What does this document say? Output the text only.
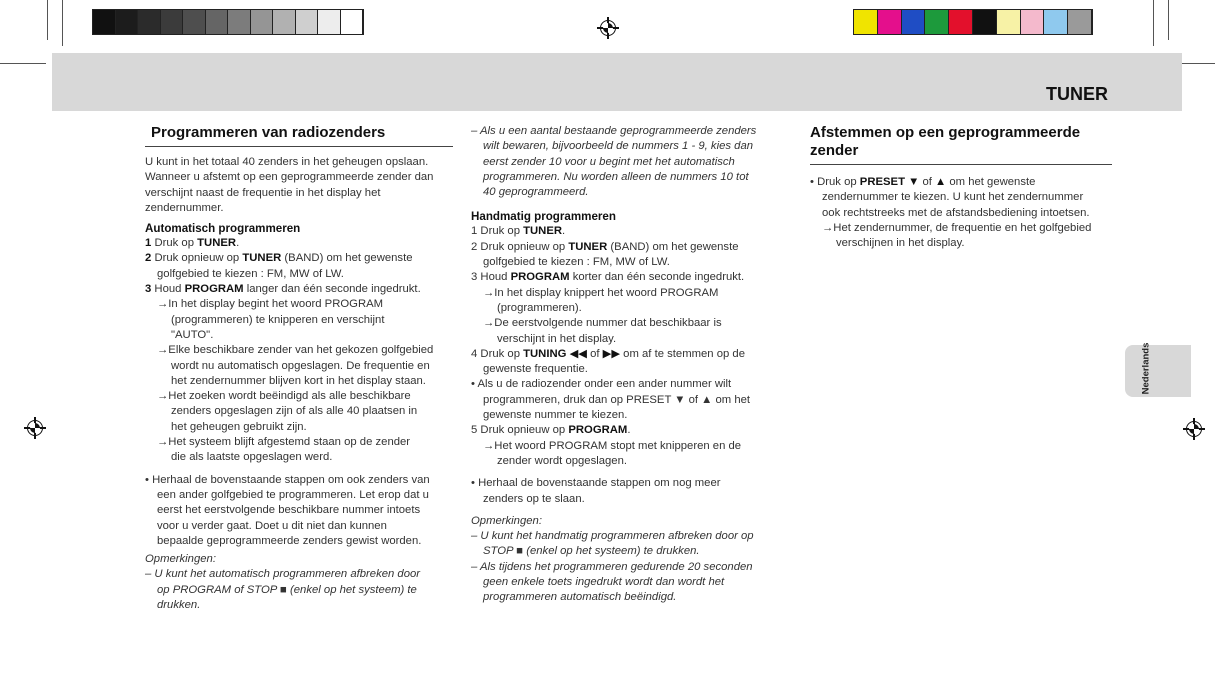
TUNER
Nederlands
Programmeren van radiozenders

U kunt in het totaal 40 zenders in het geheugen opslaan.

Wanneer u afstemt op een geprogrammeerde zender dan

verschijnt naast de frequentie in het display het

zendernummer.

Automatisch programmeren

1 Druk op TUNER.

2 Druk opnieuw op TUNER (BAND) om het gewenste

golfgebied te kiezen : FM, MW of LW.

3 Houd PROGRAM langer dan één seconde ingedrukt.

→In het display begint het woord PROGRAM

(programmeren) te knipperen en verschijnt

"AUTO".

→Elke beschikbare zender van het gekozen golfgebied

wordt nu automatisch opgeslagen. De frequentie en

het zendernummer blijven kort in het display staan.

→Het zoeken wordt beëindigd als alle beschikbare

zenders opgeslagen zijn of als alle 40 plaatsen in

het geheugen gebruikt zijn.

→Het systeem blijft afgestemd staan op de zender

die als laatste opgeslagen werd.

• Herhaal de bovenstaande stappen om ook zenders van

een ander golfgebied te programmeren. Let erop dat u

eerst het eerstvolgende beschikbare nummer intoets

voor u verder gaat. Doet u dit niet dan kunnen

bepaalde geprogrammeerde zenders gewist worden.

Opmerkingen:

– U kunt het automatisch programmeren afbreken door

op PROGRAM of STOP ■ (enkel op het systeem) te

drukken.

– Als u een aantal bestaande geprogrammeerde zenders

wilt bewaren, bijvoorbeeld de nummers 1 - 9, kies dan

eerst zender 10 voor u begint met het automatisch

programmeren. Nu worden alleen de nummers 10 tot

40 geprogrammeerd.

Handmatig programmeren

1 Druk op TUNER.

2 Druk opnieuw op TUNER (BAND) om het gewenste

golfgebied te kiezen : FM, MW of LW.

3 Houd PROGRAM korter dan één seconde ingedrukt.

→In het display knippert het woord PROGRAM

(programmeren).

→De eerstvolgende nummer dat beschikbaar is

verschijnt in het display.

4 Druk op TUNING ◀◀ of ▶▶ om af te stemmen op de

gewenste frequentie.

• Als u de radiozender onder een ander nummer wilt

programmeren, druk dan op PRESET ▼ of ▲ om het

gewenste nummer te kiezen.

5 Druk opnieuw op PROGRAM.

→Het woord PROGRAM stopt met knipperen en de

zender wordt opgeslagen.

• Herhaal de bovenstaande stappen om nog meer

zenders op te slaan.

Opmerkingen:

– U kunt het handmatig programmeren afbreken door op

STOP ■ (enkel op het systeem) te drukken.

– Als tijdens het programmeren gedurende 20 seconden

geen enkele toets ingedrukt wordt dan wordt het

programmeren automatisch beëindigd.

Afstemmen op een geprogrammeerde
zender

• Druk op PRESET ▼ of ▲ om het gewenste

zendernummer te kiezen. U kunt het zendernummer

ook rechtstreeks met de afstandsbediening intoetsen.

→Het zendernummer, de frequentie en het golfgebied

verschijnen in het display.
